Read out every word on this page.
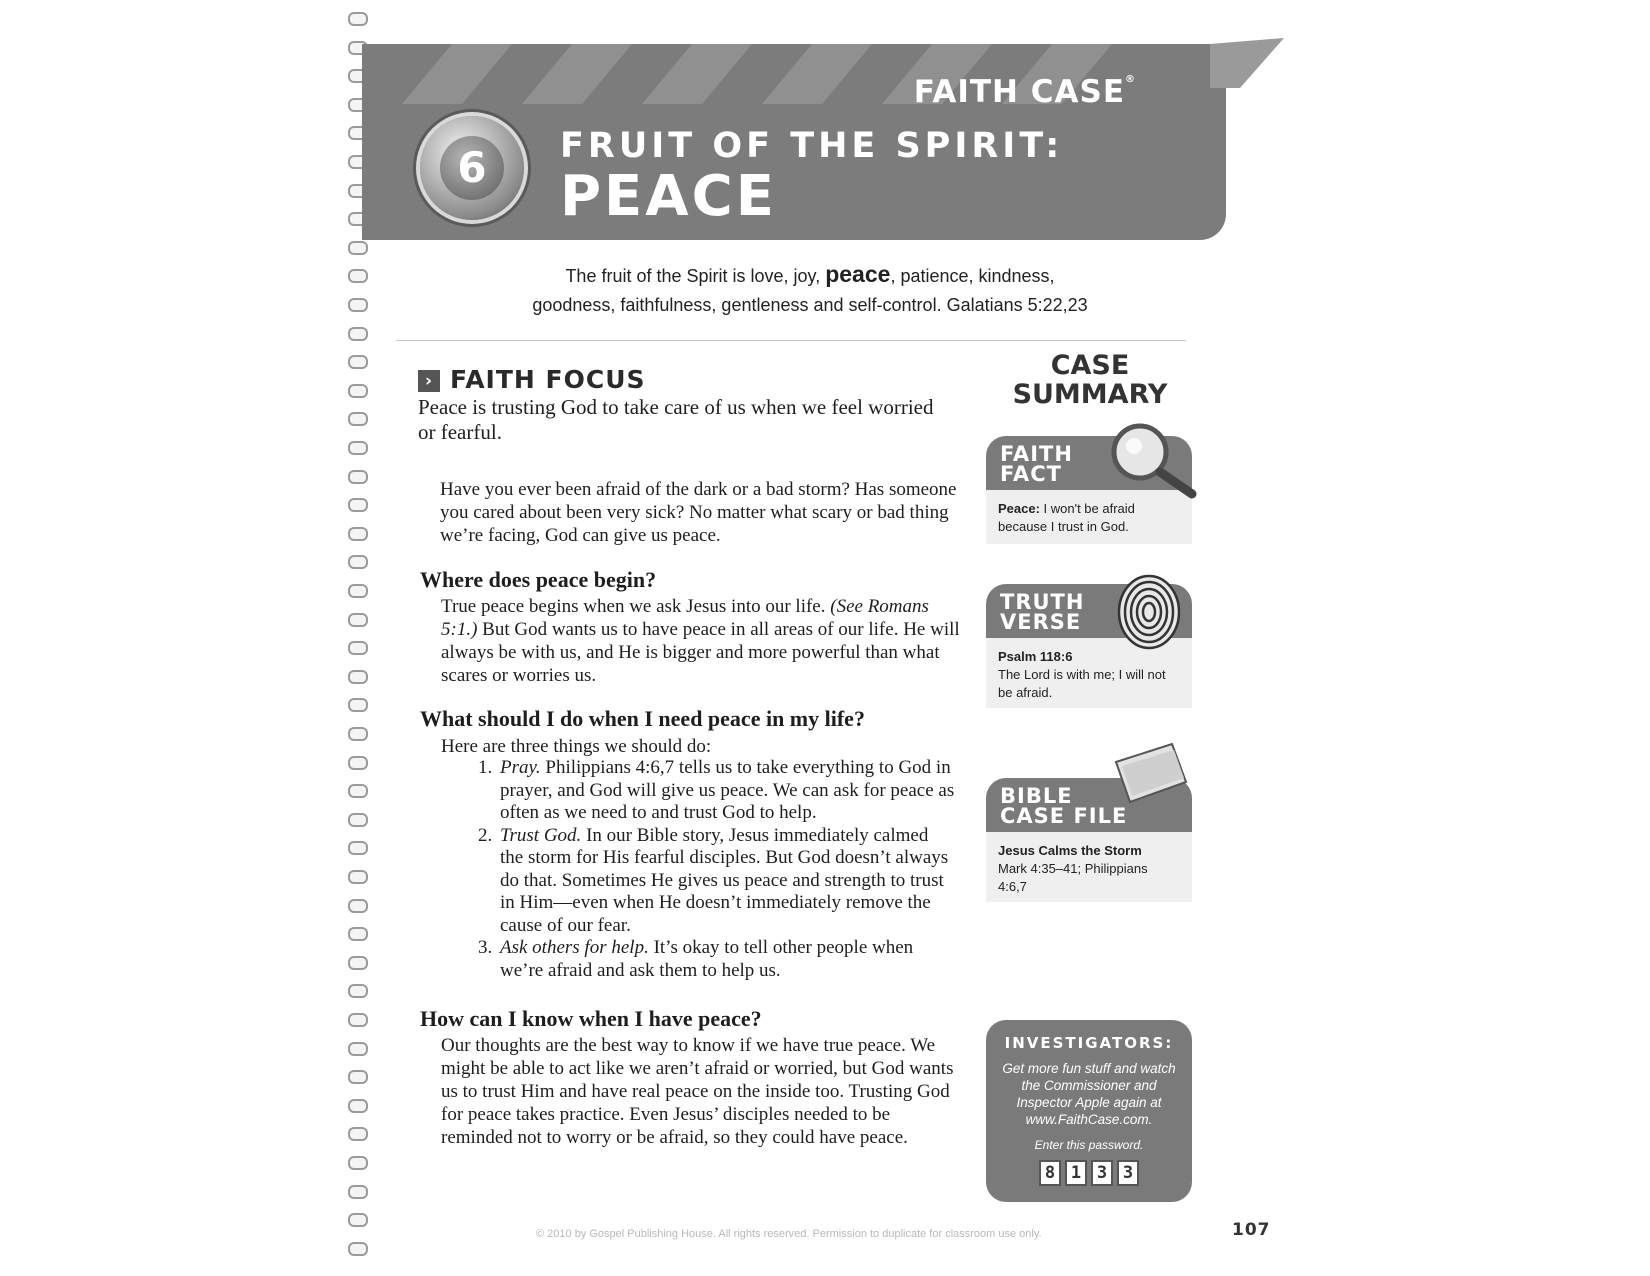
FAITH CASE®
6	FRUIT OF THE SPIRIT:
PEACE
The fruit of the Spirit is love, joy, peace, patience, kindness,
goodness, faithfulness, gentleness and self-control. Galatians 5:22,23
› FAITH FOCUS
Peace is trusting God to take care of us when we feel worried or fearful.
Have you ever been afraid of the dark or a bad storm? Has someone you cared about been very sick? No matter what scary or bad thing we’re facing, God can give us peace.
Where does peace begin?
True peace begins when we ask Jesus into our life. (See Romans 5:1.) But God wants us to have peace in all areas of our life. He will always be with us, and He is bigger and more powerful than what scares or worries us.
What should I do when I need peace in my life?
Here are three things we should do:
1. Pray. Philippians 4:6,7 tells us to take everything to God in prayer, and God will give us peace. We can ask for peace as often as we need to and trust God to help.
2. Trust God. In our Bible story, Jesus immediately calmed the storm for His fearful disciples. But God doesn’t always do that. Sometimes He gives us peace and strength to trust in Him—even when He doesn’t immediately remove the cause of our fear.
3. Ask others for help. It’s okay to tell other people when we’re afraid and ask them to help us.
How can I know when I have peace?
Our thoughts are the best way to know if we have true peace. We might be able to act like we aren’t afraid or worried, but God wants us to trust Him and have real peace on the inside too. Trusting God for peace takes practice. Even Jesus’ disciples needed to be reminded not to worry or be afraid, so they could have peace.
CASE
SUMMARY
FAITH
FACT
Peace: I won't be afraid because I trust in God.
TRUTH
VERSE
Psalm 118:6
The Lord is with me; I will not be afraid.
BIBLE
CASE FILE
Jesus Calms the Storm
Mark 4:35–41; Philippians 4:6,7
INVESTIGATORS:
Get more fun stuff and watch the Commissioner and Inspector Apple again at www.FaithCase.com.
Enter this password.
8 1 3 3
© 2010 by Gospel Publishing House. All rights reserved. Permission to duplicate for classroom use only.	107
